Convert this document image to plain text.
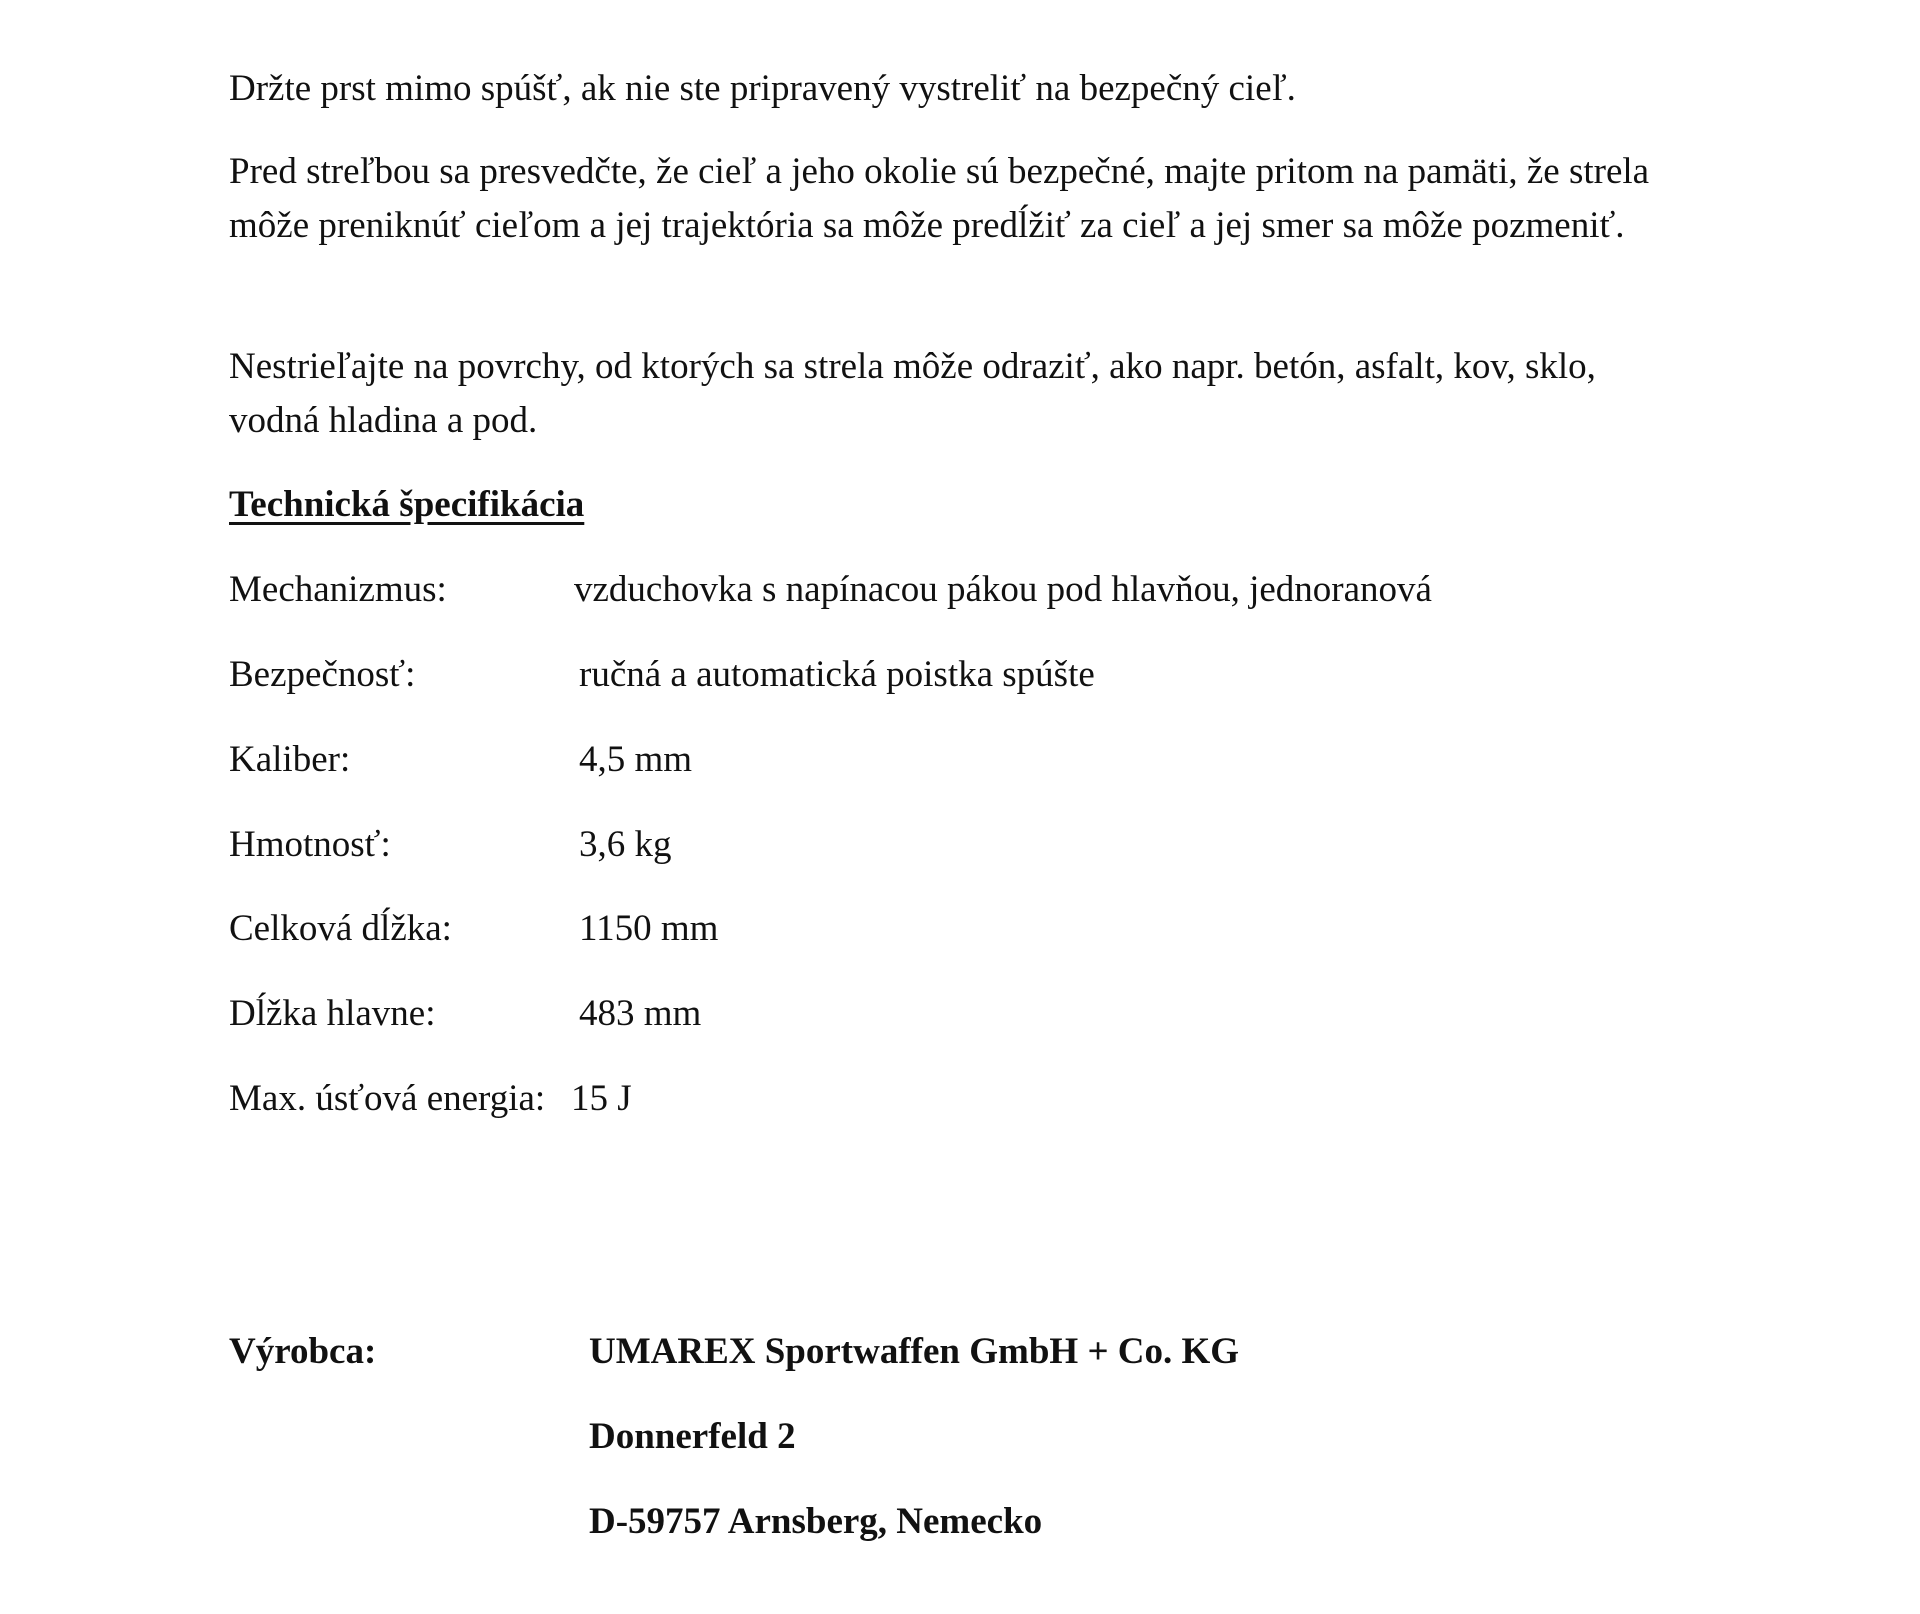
Držte prst mimo spúšť, ak nie ste pripravený vystreliť na bezpečný cieľ.

Pred streľbou sa presvedčte, že cieľ a jeho okolie sú bezpečné, majte pritom na pamäti, že strela môže preniknúť cieľom a jej trajektória sa môže predĺžiť za cieľ a jej smer sa môže pozmeniť.

Nestrieľajte na povrchy, od ktorých sa strela môže odraziť, ako napr. betón, asfalt, kov, sklo, vodná hladina a pod.

Technická špecifikácia

Mechanizmus:	vzduchovka s napínacou pákou pod hlavňou, jednoranová
Bezpečnosť:	ručná a automatická poistka spúšte
Kaliber:	4,5 mm
Hmotnosť:	3,6 kg
Celková dĺžka:	1150 mm
Dĺžka hlavne:	483 mm
Max. úsťová energia: 15 J
Výrobca:	UMAREX Sportwaffen GmbH + Co. KG
Donnerfeld 2
D-59757 Arnsberg, Nemecko
